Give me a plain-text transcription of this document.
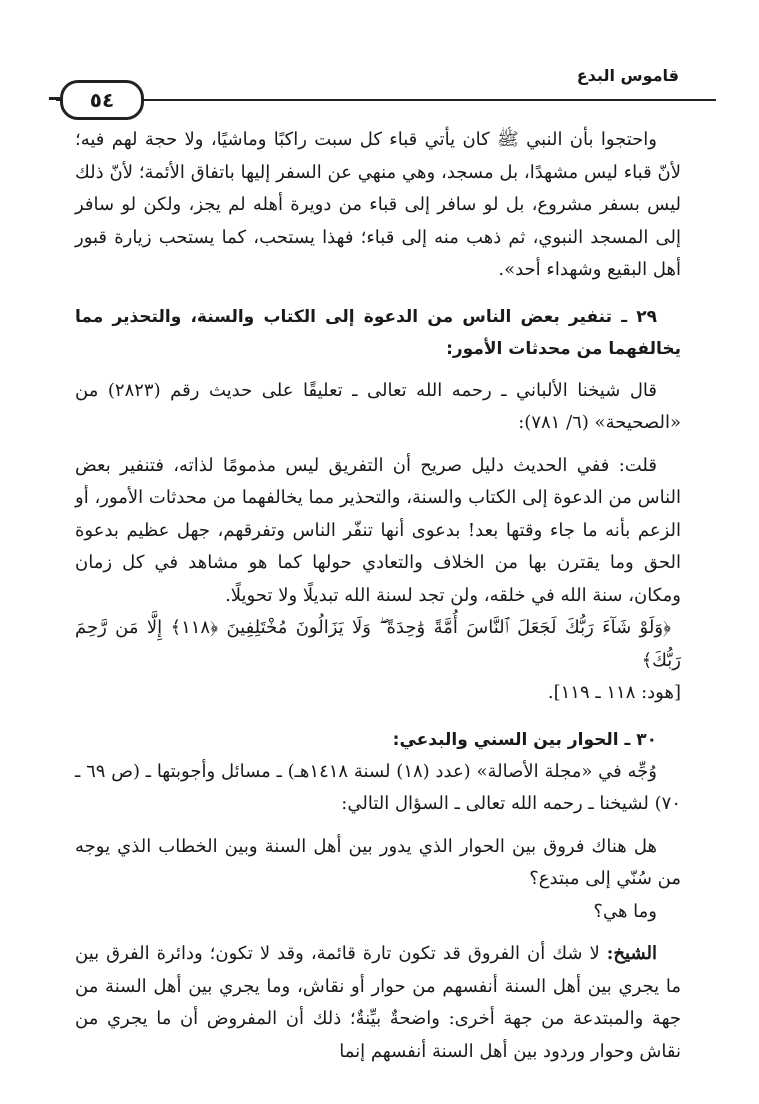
قاموس البدع
٥٤

واحتجوا بأن النبي ﷺ كان يأتي قباء كل سبت راكبًا وماشيًا، ولا حجة لهم فيه؛ لأنّ قباء ليس مشهدًا، بل مسجد، وهي منهي عن السفر إليها باتفاق الأئمة؛ لأنّ ذلك ليس بسفر مشروع، بل لو سافر إلى قباء من دويرة أهله لم يجز، ولكن لو سافر إلى المسجد النبوي، ثم ذهب منه إلى قباء؛ فهذا يستحب، كما يستحب زيارة قبور أهل البقيع وشهداء أحد».

٢٩ ـ تنفير بعض الناس من الدعوة إلى الكتاب والسنة، والتحذير مما يخالفهما من محدثات الأمور:

قال شيخنا الألباني ـ رحمه الله تعالى ـ تعليقًا على حديث رقم (٢٨٢٣) من «الصحيحة» (٦/ ٧٨١):

قلت: ففي الحديث دليل صريح أن التفريق ليس مذمومًا لذاته، فتنفير بعض الناس من الدعوة إلى الكتاب والسنة، والتحذير مما يخالفهما من محدثات الأمور، أو الزعم بأنه ما جاء وقتها بعد! بدعوى أنها تنفّر الناس وتفرقهم، جهل عظيم بدعوة الحق وما يقترن بها من الخلاف والتعادي حولها كما هو مشاهد في كل زمان ومكان، سنة الله في خلقه، ولن تجد لسنة الله تبديلًا ولا تحويلًا.

﴿وَلَوْ شَآءَ رَبُّكَ لَجَعَلَ ٱلنَّاسَ أُمَّةً وَٰحِدَةً ۖ وَلَا يَزَالُونَ مُخْتَلِفِينَ ﴿١١٨﴾ إِلَّا مَن رَّحِمَ رَبُّكَ﴾

[هود: ١١٨ ـ ١١٩].

٣٠ ـ الحوار بين السني والبدعي:

وُجِّه في «مجلة الأصالة» (عدد (١٨) لسنة ١٤١٨هـ) ـ مسائل وأجوبتها ـ (ص ٦٩ ـ ٧٠) لشيخنا ـ رحمه الله تعالى ـ السؤال التالي:

هل هناك فروق بين الحوار الذي يدور بين أهل السنة وبين الخطاب الذي يوجه من سُنّي إلى مبتدع؟

وما هي؟

الشيخ: لا شك أن الفروق قد تكون تارة قائمة، وقد لا تكون؛ ودائرة الفرق بين ما يجري بين أهل السنة أنفسهم من حوار أو نقاش، وما يجري بين أهل السنة من جهة والمبتدعة من جهة أخرى: واضحةٌ بيِّنةٌ؛ ذلك أن المفروض أن ما يجري من نقاش وحوار وردود بين أهل السنة أنفسهم إنما
